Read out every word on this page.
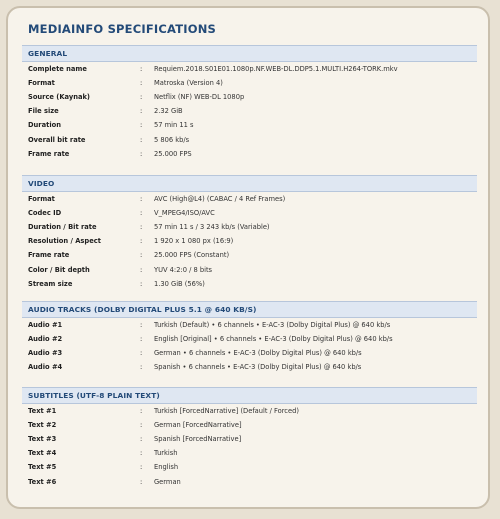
MEDIAINFO SPECIFICATIONS
GENERAL
Complete name	: Requiem.2018.S01E01.1080p.NF.WEB-DL.DDP5.1.MULTI.H264-TORK.mkv
Format	: Matroska (Version 4)
Source (Kaynak)	: Netflix (NF) WEB-DL 1080p
File size	: 2.32 GiB
Duration	: 57 min 11 s
Overall bit rate	: 5 806 kb/s
Frame rate	: 25.000 FPS
VIDEO
Format	: AVC (High@L4) (CABAC / 4 Ref Frames)
Codec ID	: V_MPEG4/ISO/AVC
Duration / Bit rate	: 57 min 11 s / 3 243 kb/s (Variable)
Resolution / Aspect	: 1 920 x 1 080 px (16:9)
Frame rate	: 25.000 FPS (Constant)
Color / Bit depth	: YUV 4:2:0 / 8 bits
Stream size	: 1.30 GiB (56%)
AUDIO TRACKS (DOLBY DIGITAL PLUS 5.1 @ 640 KB/S)
Audio #1	: Turkish (Default) • 6 channels • E-AC-3 (Dolby Digital Plus) @ 640 kb/s
Audio #2	: English [Original] • 6 channels • E-AC-3 (Dolby Digital Plus) @ 640 kb/s
Audio #3	: German • 6 channels • E-AC-3 (Dolby Digital Plus) @ 640 kb/s
Audio #4	: Spanish • 6 channels • E-AC-3 (Dolby Digital Plus) @ 640 kb/s
SUBTITLES (UTF-8 PLAIN TEXT)
Text #1	: Turkish [ForcedNarrative] (Default / Forced)
Text #2	: German [ForcedNarrative]
Text #3	: Spanish [ForcedNarrative]
Text #4	: Turkish
Text #5	: English
Text #6	: German
